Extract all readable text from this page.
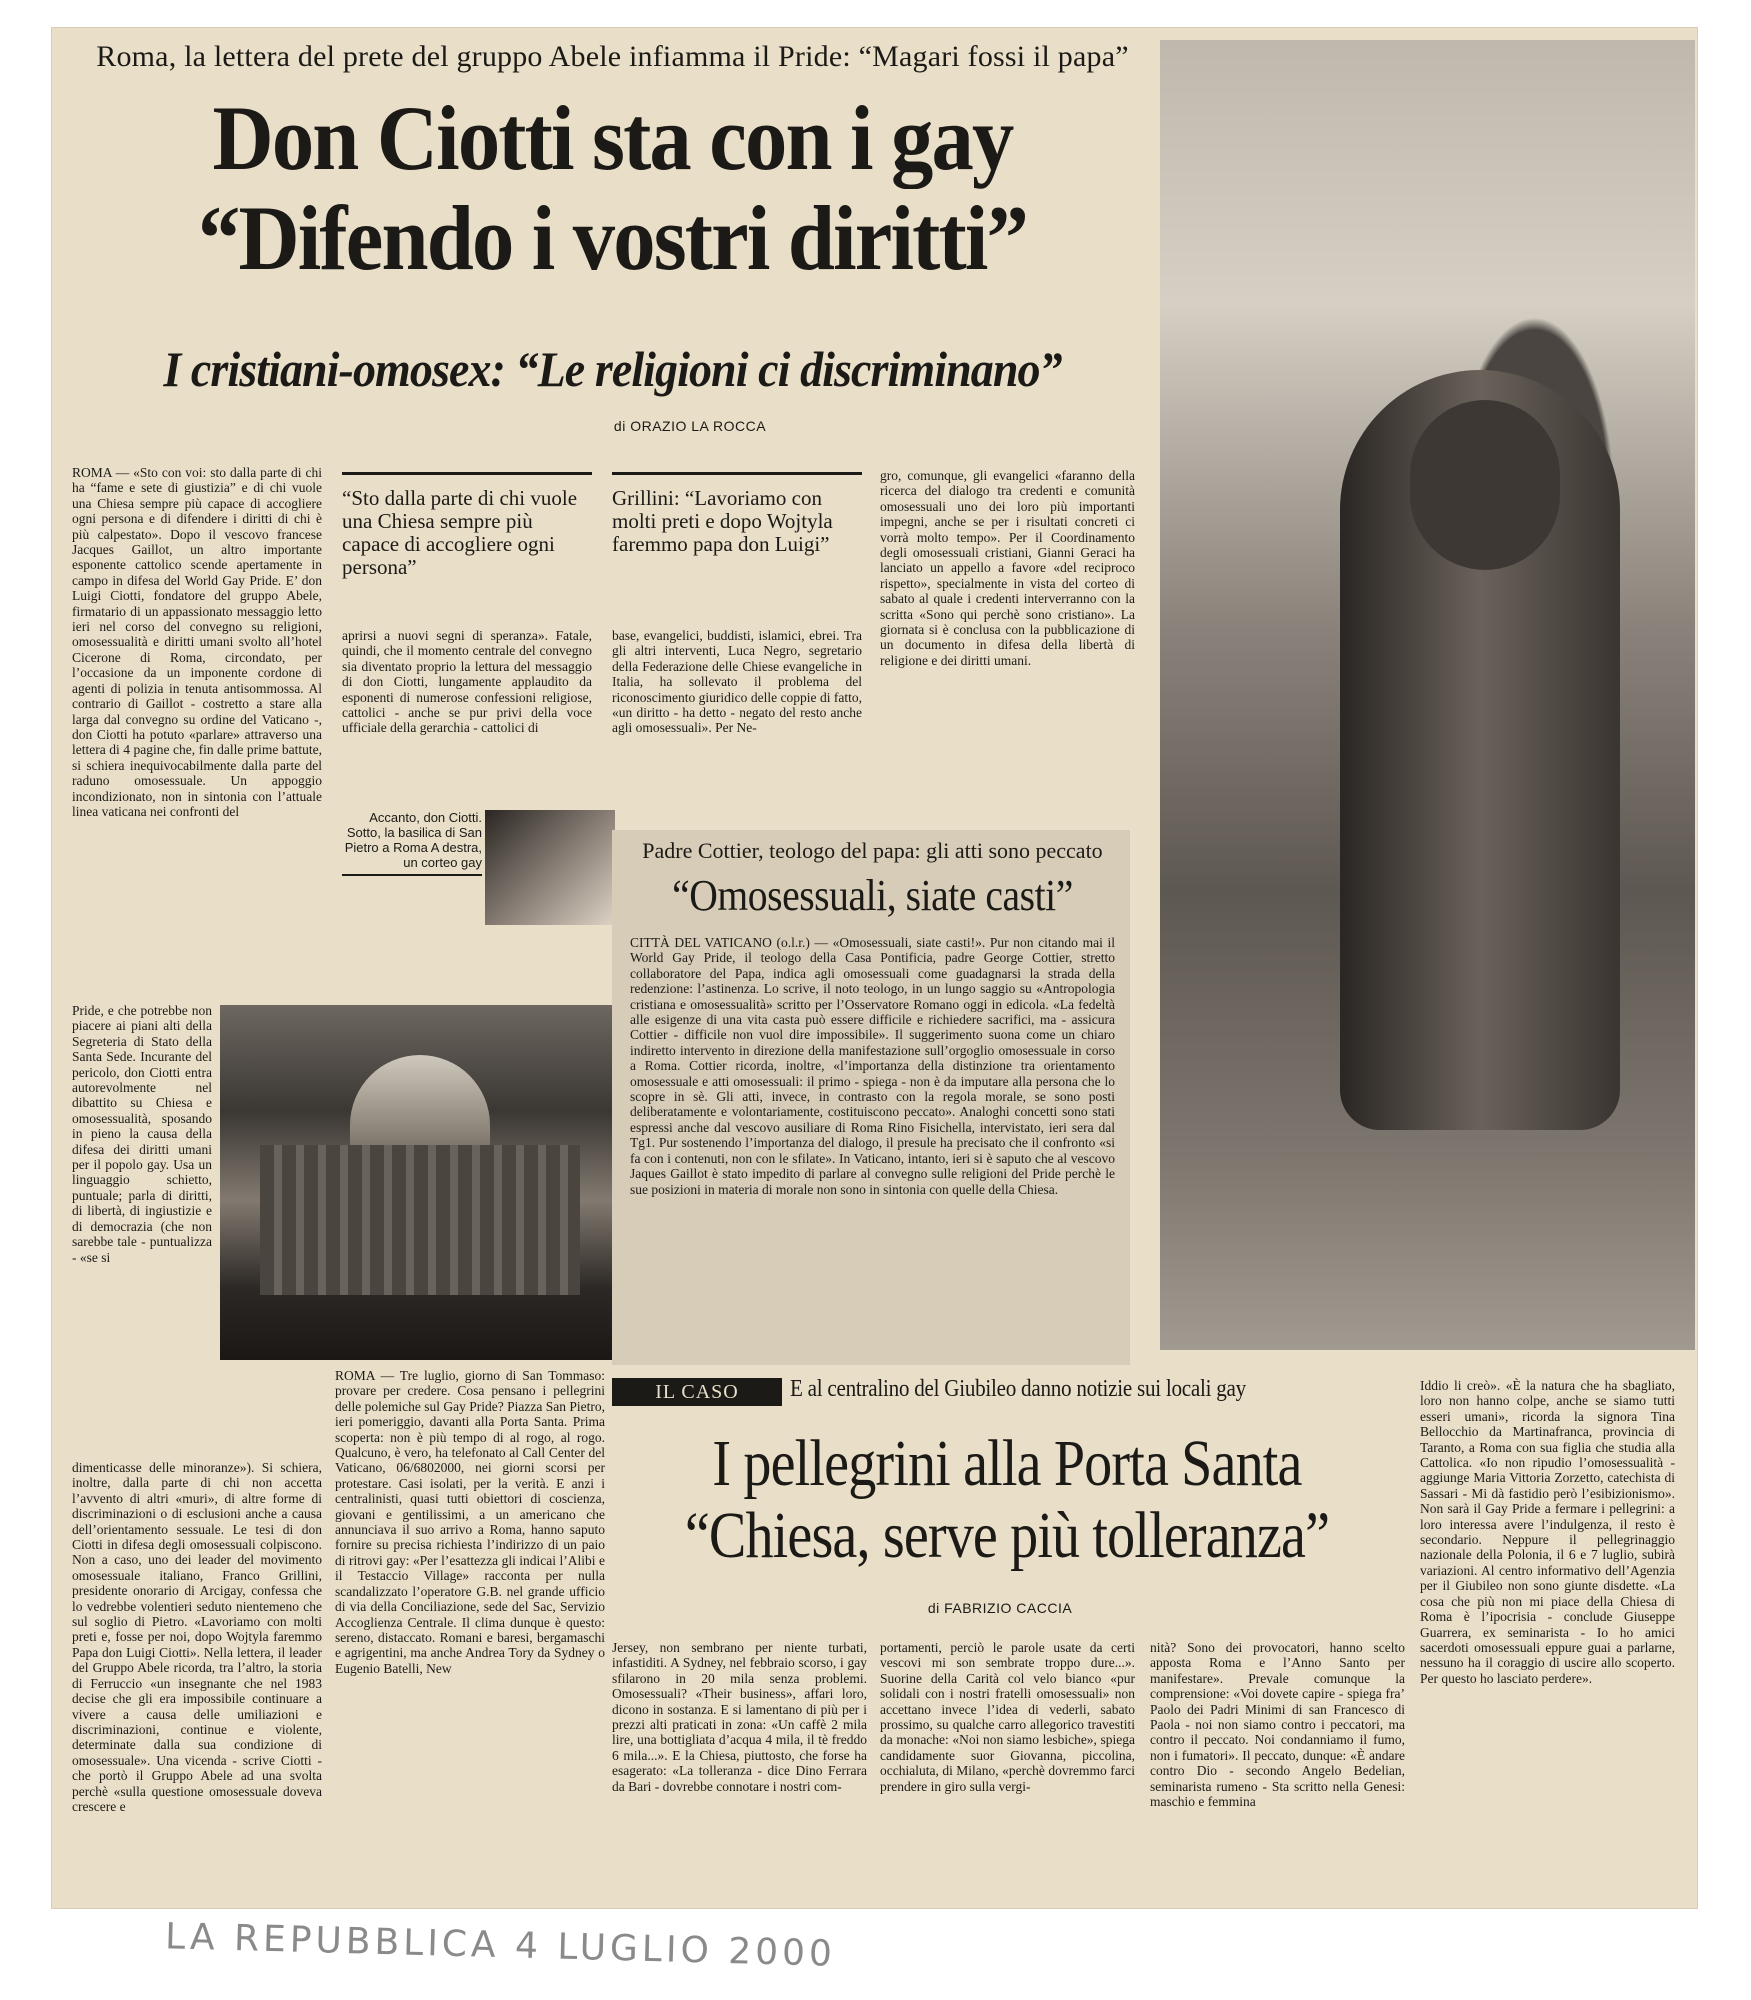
Roma, la lettera del prete del gruppo Abele infiamma il Pride: “Magari fossi il papa”
Don Ciotti sta con i gay
“Difendo i vostri diritti”
I cristiani-omosex: “Le religioni ci discriminano”
di ORAZIO LA ROCCA
ROMA — «Sto con voi: sto dalla parte di chi ha “fame e sete di giustizia” e di chi vuole una Chiesa sempre più capace di accogliere ogni persona e di difendere i diritti di chi è più calpestato». Dopo il vescovo francese Jacques Gaillot, un altro importante esponente cattolico scende apertamente in campo in difesa del World Gay Pride. E’ don Luigi Ciotti, fondatore del gruppo Abele, firmatario di un appassionato messaggio letto ieri nel corso del convegno su religioni, omosessualità e diritti umani svolto all’hotel Cicerone di Roma, circondato, per l’occasione da un imponente cordone di agenti di polizia in tenuta antisommossa. Al contrario di Gaillot - costretto a stare alla larga dal convegno su ordine del Vaticano -, don Ciotti ha potuto «parlare» attraverso una lettera di 4 pagine che, fin dalle prime battute, si schiera inequivocabilmente dalla parte del raduno omosessuale. Un appoggio incondizionato, non in sintonia con l’attuale linea vaticana nei confronti del
Pride, e che potrebbe non piacere ai piani alti della Segreteria di Stato della Santa Sede. Incurante del pericolo, don Ciotti entra autorevolmente nel dibattito su Chiesa e omosessualità, sposando in pieno la causa della difesa dei diritti umani per il popolo gay. Usa un linguaggio schietto, puntuale; parla di diritti, di libertà, di ingiustizie e di democrazia (che non sarebbe tale - puntualizza - «se si
dimenticasse delle minoranze»). Si schiera, inoltre, dalla parte di chi non accetta l’avvento di altri «muri», di altre forme di discriminazioni o di esclusioni anche a causa dell’orientamento sessuale. Le tesi di don Ciotti in difesa degli omosessuali colpiscono. Non a caso, uno dei leader del movimento omosessuale italiano, Franco Grillini, presidente onorario di Arcigay, confessa che lo vedrebbe volentieri seduto nientemeno che sul soglio di Pietro. «Lavoriamo con molti preti e, fosse per noi, dopo Wojtyla faremmo Papa don Luigi Ciotti». Nella lettera, il leader del Gruppo Abele ricorda, tra l’altro, la storia di Ferruccio «un insegnante che nel 1983 decise che gli era impossibile continuare a vivere a causa delle umiliazioni e discriminazioni, continue e violente, determinate dalla sua condizione di omosessuale». Una vicenda - scrive Ciotti - che portò il Gruppo Abele ad una svolta perchè «sulla questione omosessuale doveva crescere e
“Sto dalla parte di chi vuole una Chiesa sempre più capace di accogliere ogni persona”
Grillini: “Lavoriamo con molti preti e dopo Wojtyla faremmo papa don Luigi”
aprirsi a nuovi segni di speranza». Fatale, quindi, che il momento centrale del convegno sia diventato proprio la lettura del messaggio di don Ciotti, lungamente applaudito da esponenti di numerose confessioni religiose, cattolici - anche se pur privi della voce ufficiale della gerarchia - cattolici di
base, evangelici, buddisti, islamici, ebrei. Tra gli altri interventi, Luca Negro, segretario della Federazione delle Chiese evangeliche in Italia, ha sollevato il problema del riconoscimento giuridico delle coppie di fatto, «un diritto - ha detto - negato del resto anche agli omosessuali». Per Ne-
gro, comunque, gli evangelici «faranno della ricerca del dialogo tra credenti e comunità omosessuali uno dei loro più importanti impegni, anche se per i risultati concreti ci vorrà molto tempo». Per il Coordinamento degli omosessuali cristiani, Gianni Geraci ha lanciato un appello a favore «del reciproco rispetto», specialmente in vista del corteo di sabato al quale i credenti interverranno con la scritta «Sono qui perchè sono cristiano». La giornata si è conclusa con la pubblicazione di un documento in difesa della libertà di religione e dei diritti umani.
Accanto, don Ciotti. Sotto, la basilica di San Pietro a Roma A destra, un corteo gay	Padre Cottier, teologo del papa: gli atti sono peccato
“Omosessuali, siate casti”
CITTÀ DEL VATICANO (o.l.r.) — «Omosessuali, siate casti!». Pur non citando mai il World Gay Pride, il teologo della Casa Pontificia, padre George Cottier, stretto collaboratore del Papa, indica agli omosessuali come guadagnarsi la strada della redenzione: l’astinenza. Lo scrive, il noto teologo, in un lungo saggio su «Antropologia cristiana e omosessualità» scritto per l’Osservatore Romano oggi in edicola. «La fedeltà alle esigenze di una vita casta può essere difficile e richiedere sacrifici, ma - assicura Cottier - difficile non vuol dire impossibile». Il suggerimento suona come un chiaro indiretto intervento in direzione della manifestazione sull’orgoglio omosessuale in corso a Roma. Cottier ricorda, inoltre, «l’importanza della distinzione tra orientamento omosessuale e atti omosessuali: il primo - spiega - non è da imputare alla persona che lo scopre in sè. Gli atti, invece, in contrasto con la regola morale, se sono posti deliberatamente e volontariamente, costituiscono peccato». Analoghi concetti sono stati espressi anche dal vescovo ausiliare di Roma Rino Fisichella, intervistato, ieri sera dal Tg1. Pur sostenendo l’importanza del dialogo, il presule ha precisato che il confronto «si fa con i contenuti, non con le sfilate». In Vaticano, intanto, ieri si è saputo che al vescovo Jaques Gaillot è stato impedito di parlare al convegno sulle religioni del Pride perchè le sue posizioni in materia di morale non sono in sintonia con quelle della Chiesa.
ROMA — Tre luglio, giorno di San Tommaso: provare per credere. Cosa pensano i pellegrini delle polemiche sul Gay Pride? Piazza San Pietro, ieri pomeriggio, davanti alla Porta Santa. Prima scoperta: non è più tempo di al rogo, al rogo. Qualcuno, è vero, ha telefonato al Call Center del Vaticano, 06/6802000, nei giorni scorsi per protestare. Casi isolati, per la verità. E anzi i centralinisti, quasi tutti obiettori di coscienza, giovani e gentilissimi, a un americano che annunciava il suo arrivo a Roma, hanno saputo fornire su precisa richiesta l’indirizzo di un paio di ritrovi gay: «Per l’esattezza gli indicai l’Alibi e il Testaccio Village» racconta per nulla scandalizzato l’operatore G.B. nel grande ufficio di via della Conciliazione, sede del Sac, Servizio Accoglienza Centrale. Il clima dunque è questo: sereno, distaccato. Romani e baresi, bergamaschi e agrigentini, ma anche Andrea Tory da Sydney o Eugenio Batelli, New
IL CASO	E al centralino del Giubileo danno notizie sui locali gay
I pellegrini alla Porta Santa
“Chiesa, serve più tolleranza”
di FABRIZIO CACCIA
Jersey, non sembrano per niente turbati, infastiditi. A Sydney, nel febbraio scorso, i gay sfilarono in 20 mila senza problemi. Omosessuali? «Their business», affari loro, dicono in sostanza. E si lamentano di più per i prezzi alti praticati in zona: «Un caffè 2 mila lire, una bottigliata d’acqua 4 mila, il tè freddo 6 mila...». E la Chiesa, piuttosto, che forse ha esagerato: «La tolleranza - dice Dino Ferrara da Bari - dovrebbe connotare i nostri com-
portamenti, perciò le parole usate da certi vescovi mi son sembrate troppo dure...». Suorine della Carità col velo bianco «pur solidali con i nostri fratelli omosessuali» non accettano invece l’idea di vederli, sabato prossimo, su qualche carro allegorico travestiti da monache: «Noi non siamo lesbiche», spiega candidamente suor Giovanna, piccolina, occhialuta, di Milano, «perchè dovremmo farci prendere in giro sulla vergi-
nità? Sono dei provocatori, hanno scelto apposta Roma e l’Anno Santo per manifestare». Prevale comunque la comprensione: «Voi dovete capire - spiega fra’ Paolo dei Padri Minimi di san Francesco di Paola - noi non siamo contro i peccatori, ma contro il peccato. Noi condanniamo il fumo, non i fumatori». Il peccato, dunque: «È andare contro Dio - secondo Angelo Bedelian, seminarista rumeno - Sta scritto nella Genesi: maschio e femmina
Iddio li creò». «È la natura che ha sbagliato, loro non hanno colpe, anche se siamo tutti esseri umani», ricorda la signora Tina Bellocchio da Martinafranca, provincia di Taranto, a Roma con sua figlia che studia alla Cattolica. «Io non ripudio l’omosessualità - aggiunge Maria Vittoria Zorzetto, catechista di Sassari - Mi dà fastidio però l’esibizionismo». Non sarà il Gay Pride a fermare i pellegrini: a loro interessa avere l’indulgenza, il resto è secondario. Neppure il pellegrinaggio nazionale della Polonia, il 6 e 7 luglio, subirà variazioni. Al centro informativo dell’Agenzia per il Giubileo non sono giunte disdette. «La cosa che più non mi piace della Chiesa di Roma è l’ipocrisia - conclude Giuseppe Guarrera, ex seminarista - Io ho amici sacerdoti omosessuali eppure guai a parlarne, nessuno ha il coraggio di uscire allo scoperto. Per questo ho lasciato perdere».
LA REPUBBLICA 4 LUGLIO 2000
